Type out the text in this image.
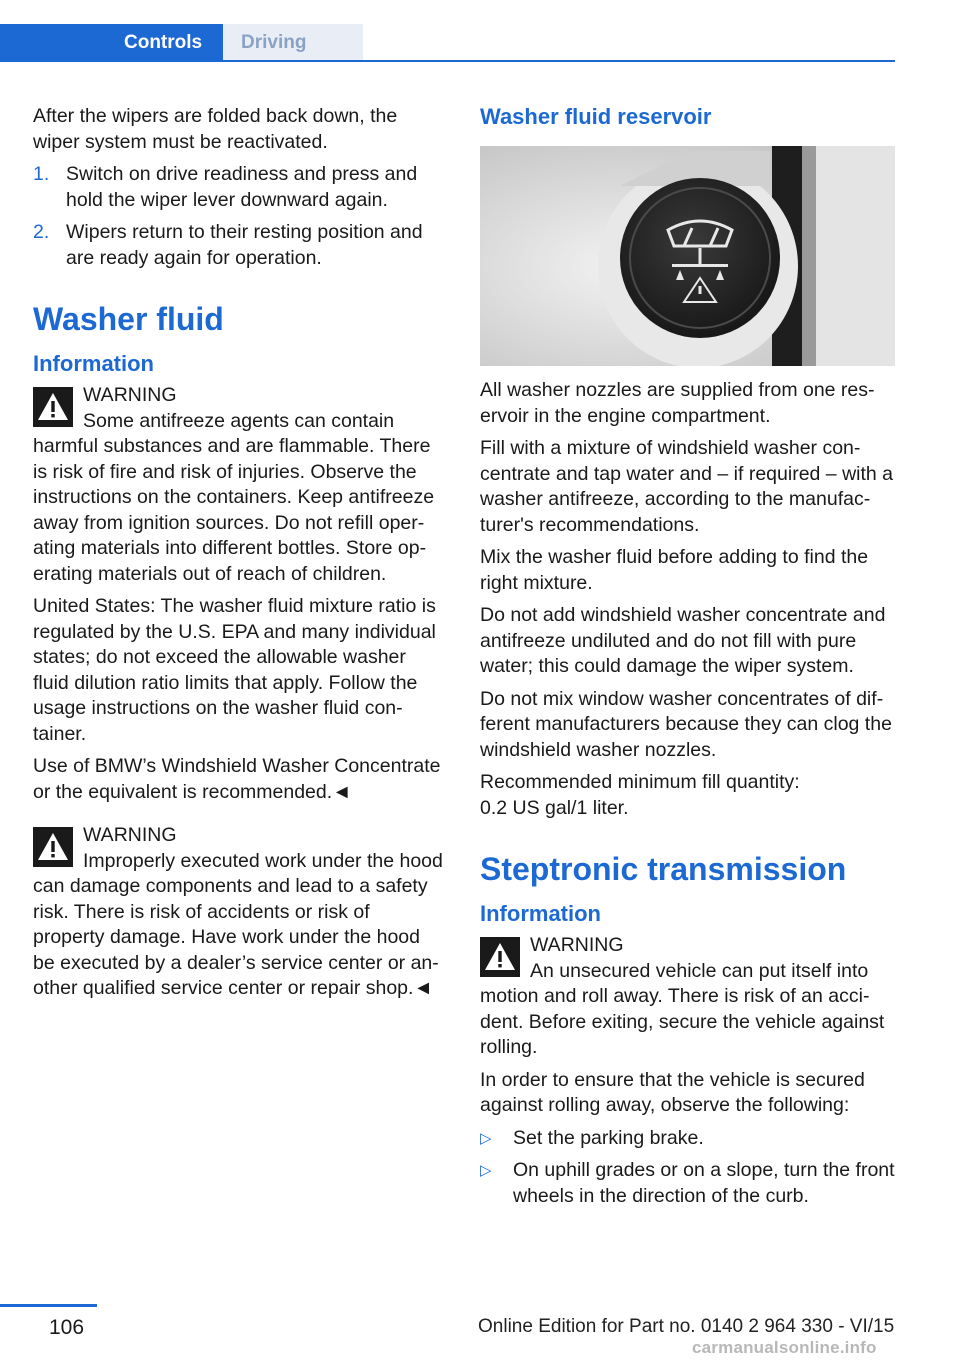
Controls	Driving

After the wipers are folded back down, the wiper system must be reactivated.

1. Switch on drive readiness and press and hold the wiper lever downward again.
2. Wipers return to their resting position and are ready again for operation.
Washer fluid
Information
WARNING
Some antifreeze agents can contain harmful substances and are flammable. There is risk of fire and risk of injuries. Observe the instructions on the containers. Keep antifreeze away from ignition sources. Do not refill operating materials into different bottles. Store operating materials out of reach of children.

United States: The washer fluid mixture ratio is regulated by the U.S. EPA and many individual states; do not exceed the allowable washer fluid dilution ratio limits that apply. Follow the usage instructions on the washer fluid container.

Use of BMW’s Windshield Washer Concentrate or the equivalent is recommended.◄

WARNING
Improperly executed work under the hood can damage components and lead to a safety risk. There is risk of accidents or risk of property damage. Have work under the hood be executed by a dealer’s service center or another qualified service center or repair shop.◄
Washer fluid reservoir

All washer nozzles are supplied from one reservoir in the engine compartment.

Fill with a mixture of windshield washer concentrate and tap water and – if required – with a washer antifreeze, according to the manufacturer's recommendations.

Mix the washer fluid before adding to find the right mixture.

Do not add windshield washer concentrate and antifreeze undiluted and do not fill with pure water; this could damage the wiper system.

Do not mix window washer concentrates of different manufacturers because they can clog the windshield washer nozzles.

Recommended minimum fill quantity:
0.2 US gal/1 liter.

Steptronic transmission
Information
WARNING
An unsecured vehicle can put itself into motion and roll away. There is risk of an accident. Before exiting, secure the vehicle against rolling.

In order to ensure that the vehicle is secured against rolling away, observe the following:

▷ Set the parking brake.
▷ On uphill grades or on a slope, turn the front wheels in the direction of the curb.
106	Online Edition for Part no. 0140 2 964 330 - VI/15
carmanualsonline.info
